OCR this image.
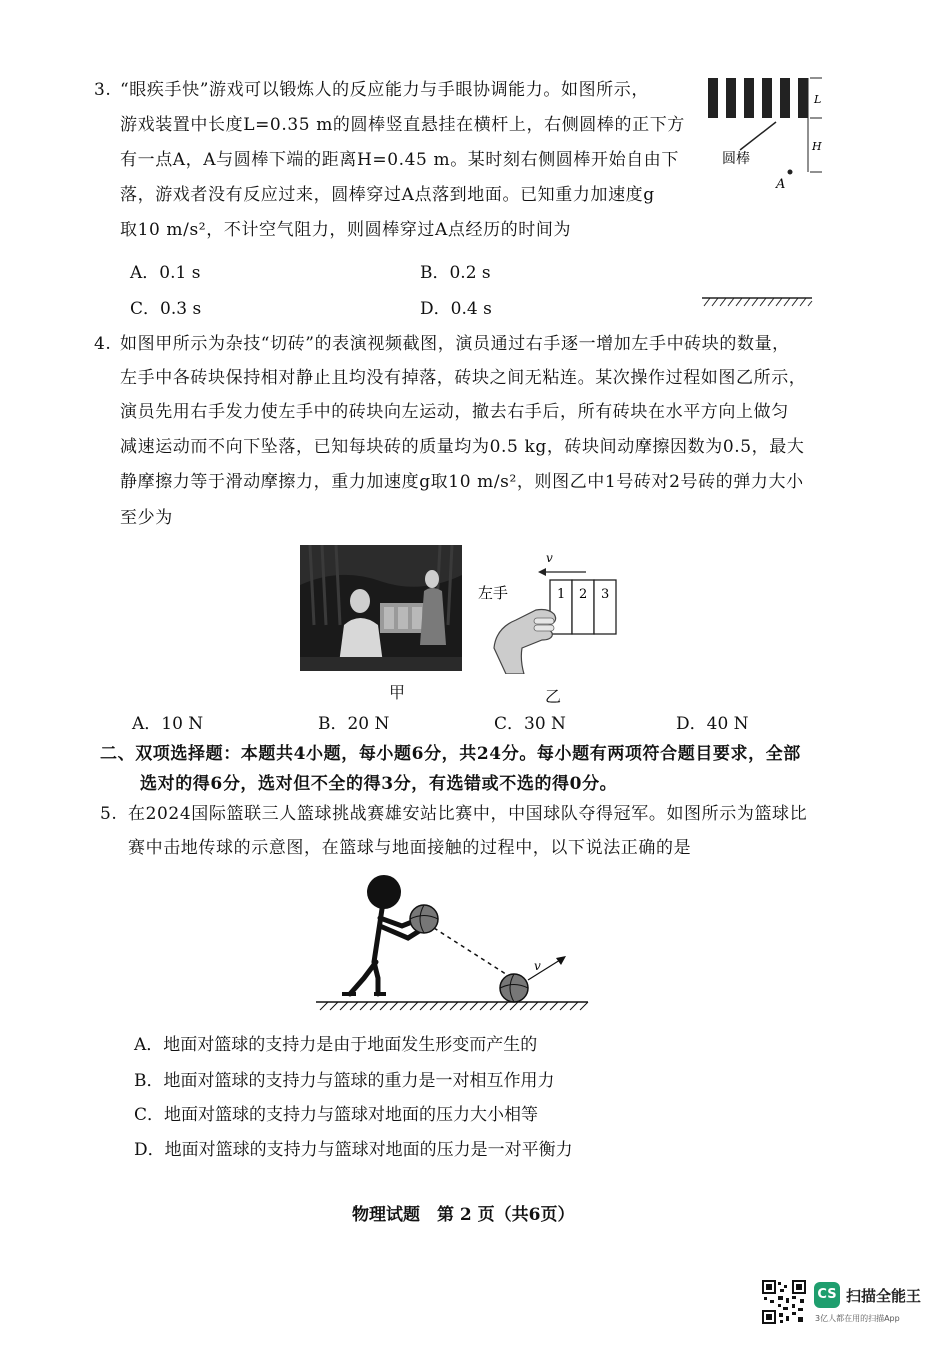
3. “眼疾手快”游戏可以锻炼人的反应能力与手眼协调能力。如图所示，
游戏装置中长度L=0.35 m的圆棒竖直悬挂在横杆上，右侧圆棒的正下方
有一点A，A与圆棒下端的距离H=0.45 m。某时刻右侧圆棒开始自由下
落，游戏者没有反应过来，圆棒穿过A点落到地面。已知重力加速度g
取10 m/s²，不计空气阻力，则圆棒穿过A点经历的时间为
A．0.1 s	B．0.2 s
C．0.3 s	D．0.4 s
L
H
圆棒
A
4. 如图甲所示为杂技“切砖”的表演视频截图，演员通过右手逐一增加左手中砖块的数量，
左手中各砖块保持相对静止且均没有掉落，砖块之间无粘连。某次操作过程如图乙所示，
演员先用右手发力使左手中的砖块向左运动，撤去右手后，所有砖块在水平方向上做匀
减速运动而不向下坠落，已知每块砖的质量均为0.5 kg，砖块间动摩擦因数为0.5，最大
静摩擦力等于滑动摩擦力，重力加速度g取10 m/s²，则图乙中1号砖对2号砖的弹力大小
至少为
甲
v
1 2 3
左手
乙
A．10 N	B．20 N	C．30 N	D．40 N
二、双项选择题：本题共4小题，每小题6分，共24分。每小题有两项符合题目要求，全部
选对的得6分，选对但不全的得3分，有选错或不选的得0分。
5. 在2024国际篮联三人篮球挑战赛雄安站比赛中，中国球队夺得冠军。如图所示为篮球比
赛中击地传球的示意图，在篮球与地面接触的过程中，以下说法正确的是
v
A．地面对篮球的支持力是由于地面发生形变而产生的
B．地面对篮球的支持力与篮球的重力是一对相互作用力
C．地面对篮球的支持力与篮球对地面的压力大小相等
D．地面对篮球的支持力与篮球对地面的压力是一对平衡力
物理试题　第 2 页（共6页）
CS 扫描全能王
3亿人都在用的扫描App
